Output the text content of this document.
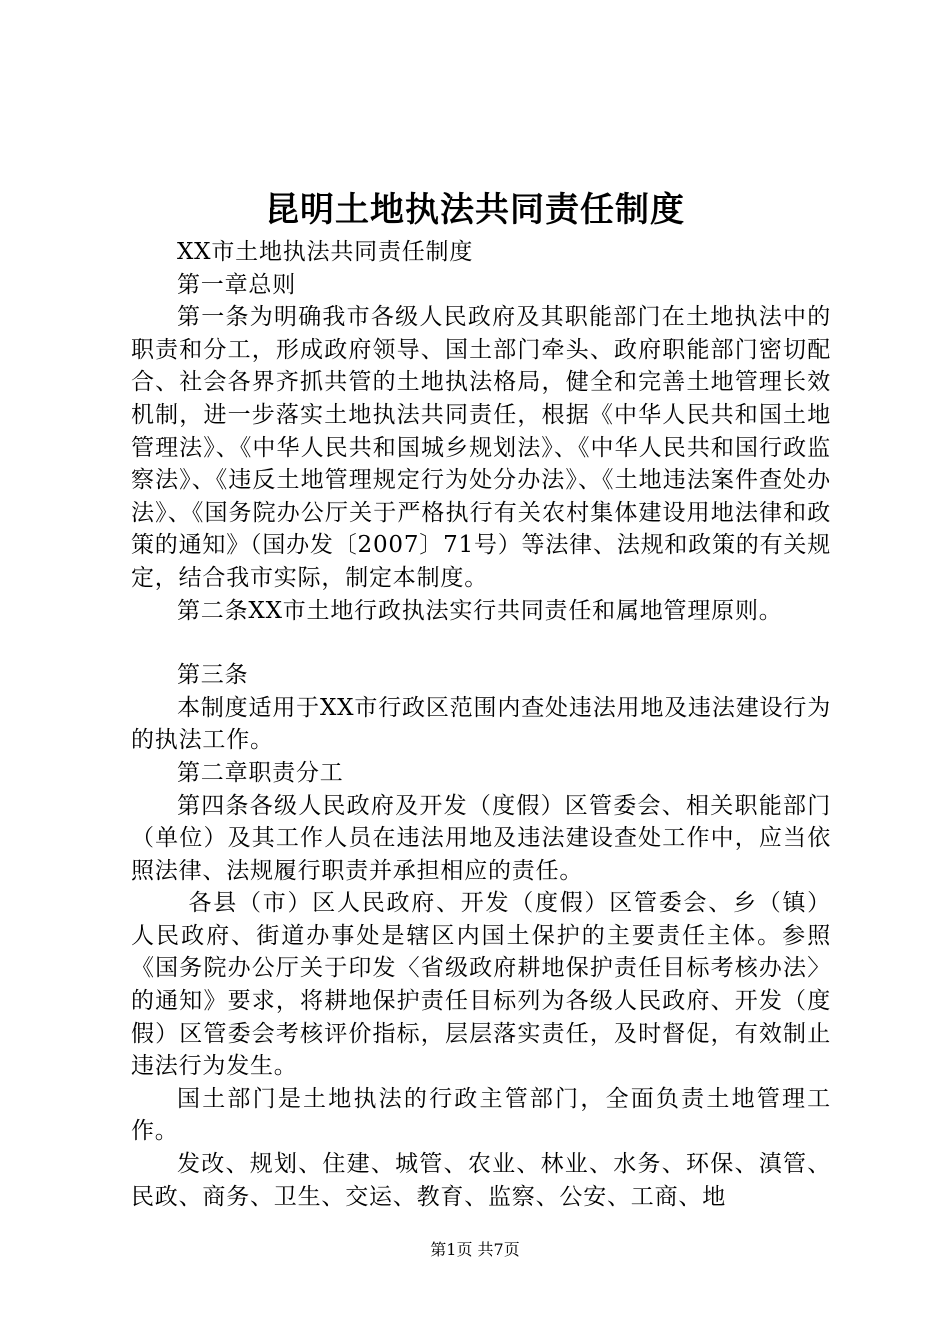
昆明土地执法共同责任制度

XX市土地执法共同责任制度

第一章总则

第一条为明确我市各级人民政府及其职能部门在土地执法中的职责和分工，形成政府领导、国土部门牵头、政府职能部门密切配合、社会各界齐抓共管的土地执法格局，健全和完善土地管理长效机制，进一步落实土地执法共同责任，根据《中华人民共和国土地管理法》、《中华人民共和国城乡规划法》、《中华人民共和国行政监察法》、《违反土地管理规定行为处分办法》、《土地违法案件查处办法》、《国务院办公厅关于严格执行有关农村集体建设用地法律和政策的通知》（国办发〔2007〕71号）等法律、法规和政策的有关规定，结合我市实际，制定本制度。

第二条XX市土地行政执法实行共同责任和属地管理原则。

第三条

本制度适用于XX市行政区范围内查处违法用地及违法建设行为的执法工作。

第二章职责分工

第四条各级人民政府及开发（度假）区管委会、相关职能部门（单位）及其工作人员在违法用地及违法建设查处工作中，应当依照法律、法规履行职责并承担相应的责任。

各县（市）区人民政府、开发（度假）区管委会、乡（镇）人民政府、街道办事处是辖区内国土保护的主要责任主体。参照《国务院办公厅关于印发〈省级政府耕地保护责任目标考核办法〉的通知》要求，将耕地保护责任目标列为各级人民政府、开发（度假）区管委会考核评价指标，层层落实责任，及时督促，有效制止违法行为发生。

国土部门是土地执法的行政主管部门，全面负责土地管理工作。

发改、规划、住建、城管、农业、林业、水务、环保、滇管、民政、商务、卫生、交运、教育、监察、公安、工商、地

第1页 共7页
